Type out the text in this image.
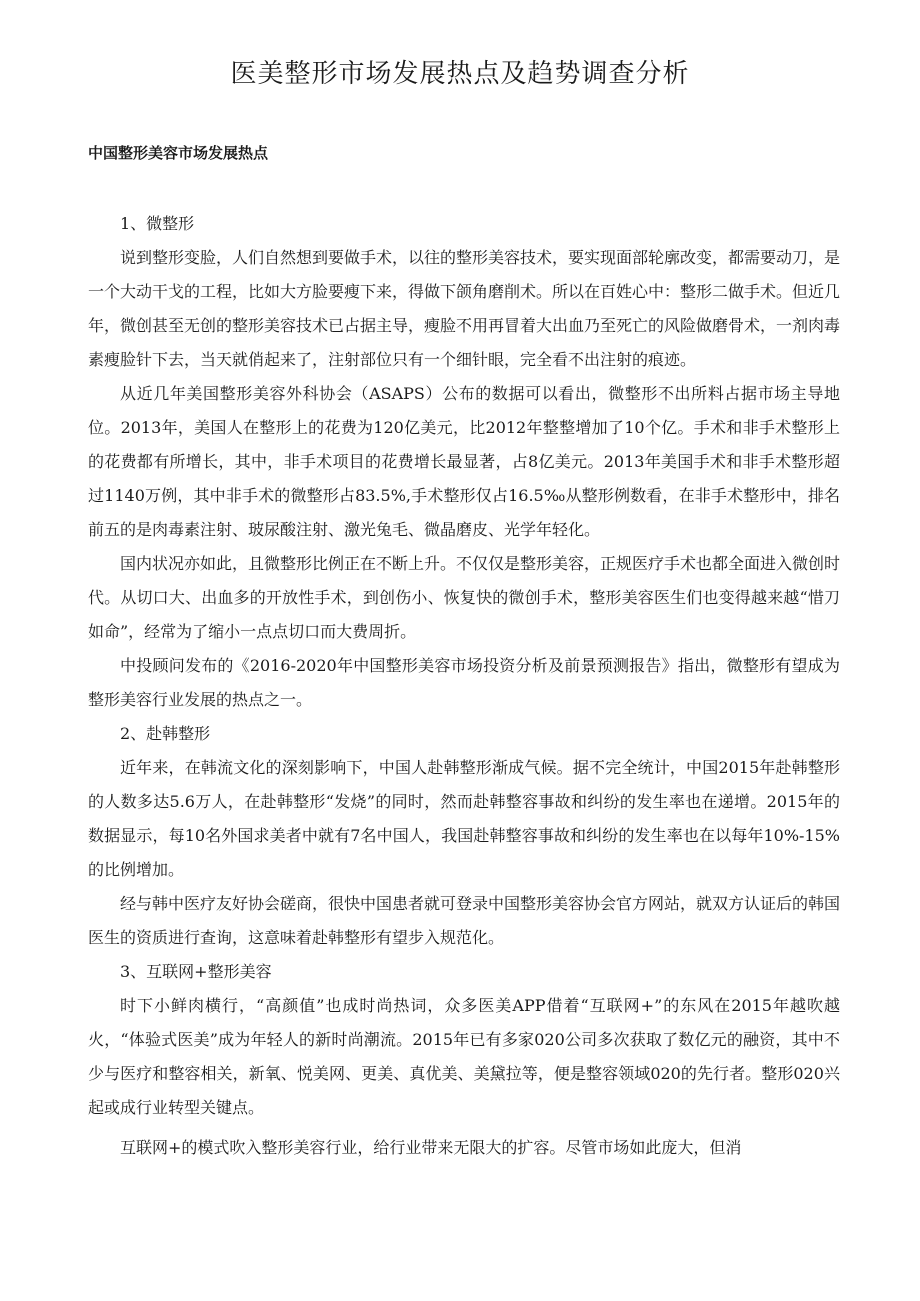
医美整形市场发展热点及趋势调查分析
中国整形美容市场发展热点

1、微整形

说到整形变脸，人们自然想到要做手术，以往的整形美容技术，要实现面部轮廓改变，都需要动刀，是一个大动干戈的工程，比如大方脸要瘦下来，得做下颌角磨削术。所以在百姓心中：整形二做手术。但近几年，微创甚至无创的整形美容技术已占据主导，瘦脸不用再冒着大出血乃至死亡的风险做磨骨术，一剂肉毒素瘦脸针下去，当天就俏起来了，注射部位只有一个细针眼，完全看不出注射的痕迹。

从近几年美国整形美容外科协会（ASAPS）公布的数据可以看出，微整形不出所料占据市场主导地位。2013年，美国人在整形上的花费为120亿美元，比2012年整整增加了10个亿。手术和非手术整形上的花费都有所增长，其中，非手术项目的花费增长最显著，占8亿美元。2013年美国手术和非手术整形超过1140万例，其中非手术的微整形占83.5%,手术整形仅占16.5‰从整形例数看，在非手术整形中，排名前五的是肉毒素注射、玻尿酸注射、激光兔毛、微晶磨皮、光学年轻化。

国内状况亦如此，且微整形比例正在不断上升。不仅仅是整形美容，正规医疗手术也都全面进入微创时代。从切口大、出血多的开放性手术，到创伤小、恢复快的微创手术，整形美容医生们也变得越来越“惜刀如命”，经常为了缩小一点点切口而大费周折。

中投顾问发布的《2016-2020年中国整形美容市场投资分析及前景预测报告》指出，微整形有望成为整形美容行业发展的热点之一。

2、赴韩整形

近年来，在韩流文化的深刻影响下，中国人赴韩整形渐成气候。据不完全统计，中国2015年赴韩整形的人数多达5.6万人，在赴韩整形“发烧”的同时，然而赴韩整容事故和纠纷的发生率也在递增。2015年的数据显示，每10名外国求美者中就有7名中国人，我国赴韩整容事故和纠纷的发生率也在以每年10%-15%的比例增加。

经与韩中医疗友好协会磋商，很快中国患者就可登录中国整形美容协会官方网站，就双方认证后的韩国医生的资质进行查询，这意味着赴韩整形有望步入规范化。

3、互联网+整形美容

时下小鲜肉横行，“高颜值”也成时尚热词，众多医美APP借着“互联网+”的东风在2015年越吹越火，“体验式医美”成为年轻人的新时尚潮流。2015年已有多家020公司多次获取了数亿元的融资，其中不少与医疗和整容相关，新氧、悦美网、更美、真优美、美黛拉等，便是整容领域020的先行者。整形020兴起或成行业转型关键点。

互联网+的模式吹入整形美容行业，给行业带来无限大的扩容。尽管市场如此庞大，但消
